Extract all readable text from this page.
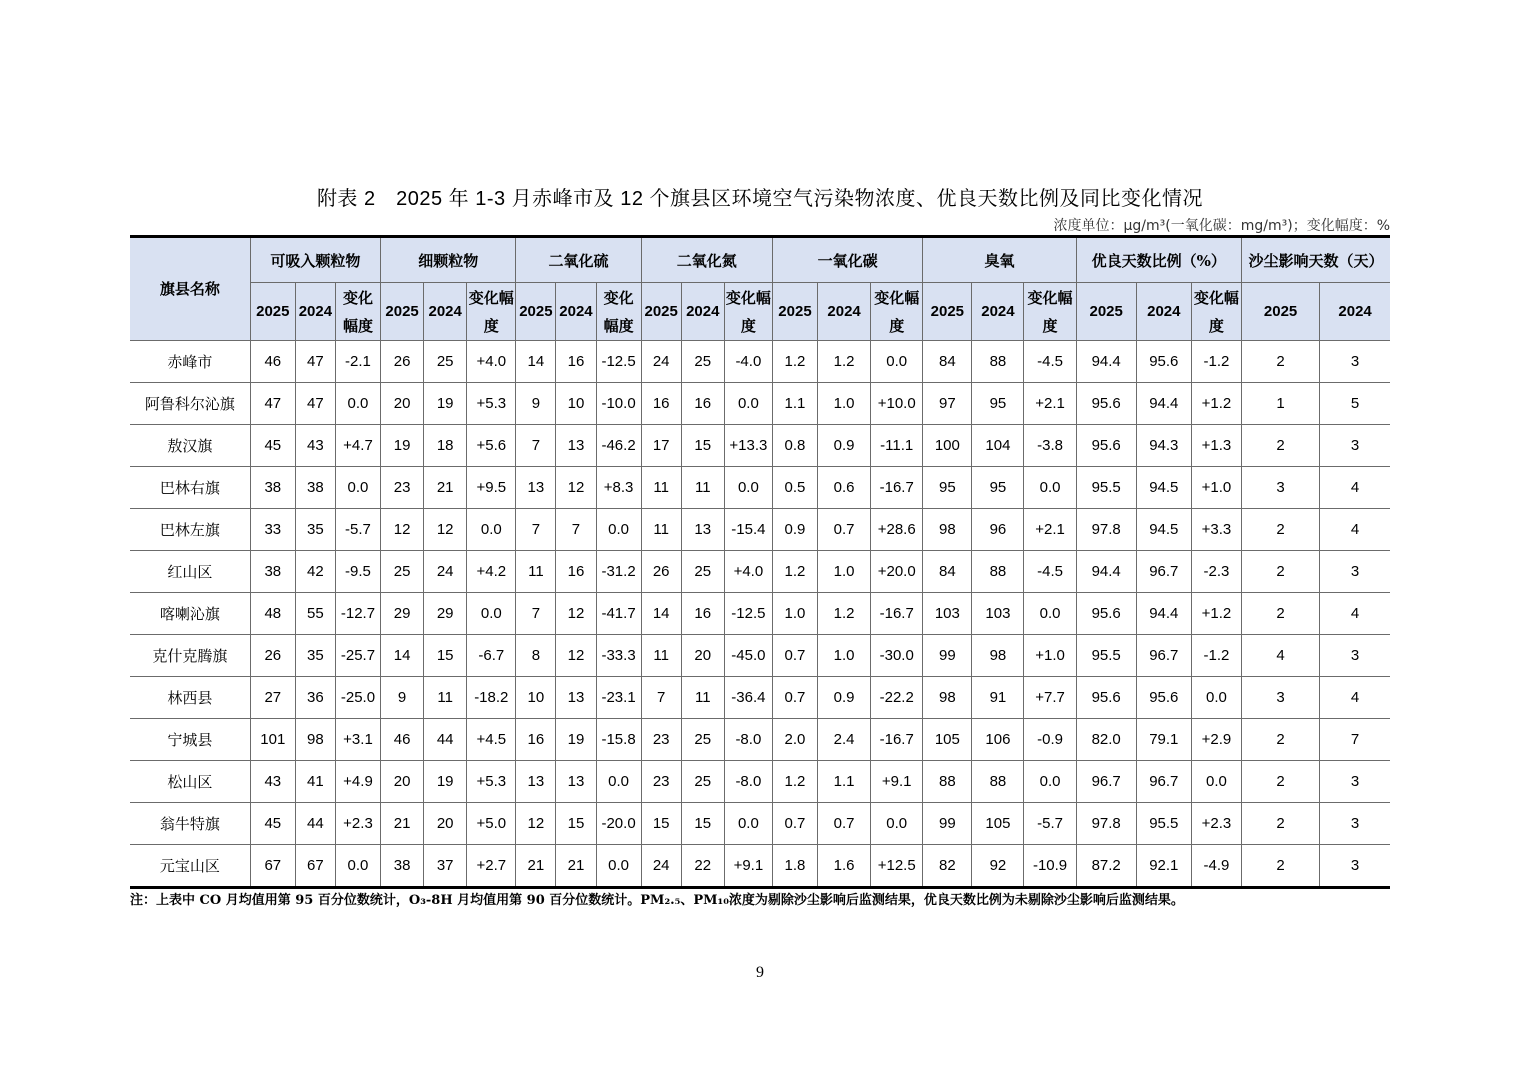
附表 2　2025 年 1-3 月赤峰市及 12 个旗县区环境空气污染物浓度、优良天数比例及同比变化情况
浓度单位：μg/m³(一氧化碳：mg/m³)；变化幅度：%
旗县名称	可吸入颗粒物			细颗粒物			二氧化硫			二氧化氮			一氧化碳			臭氧			优良天数比例（%）			沙尘影响天数（天）	
	2025	2024	变化幅度	2025	2024	变化幅度	2025	2024	变化幅度	2025	2024	变化幅度	2025	2024	变化幅度	2025	2024	变化幅度	2025	2024	变化幅度	2025	2024
赤峰市	46	47	-2.1	26	25	+4.0	14	16	-12.5	24	25	-4.0	1.2	1.2	0.0	84	88	-4.5	94.4	95.6	-1.2	2	3
阿鲁科尔沁旗	47	47	0.0	20	19	+5.3	9	10	-10.0	16	16	0.0	1.1	1.0	+10.0	97	95	+2.1	95.6	94.4	+1.2	1	5
敖汉旗	45	43	+4.7	19	18	+5.6	7	13	-46.2	17	15	+13.3	0.8	0.9	-11.1	100	104	-3.8	95.6	94.3	+1.3	2	3
巴林右旗	38	38	0.0	23	21	+9.5	13	12	+8.3	11	11	0.0	0.5	0.6	-16.7	95	95	0.0	95.5	94.5	+1.0	3	4
巴林左旗	33	35	-5.7	12	12	0.0	7	7	0.0	11	13	-15.4	0.9	0.7	+28.6	98	96	+2.1	97.8	94.5	+3.3	2	4
红山区	38	42	-9.5	25	24	+4.2	11	16	-31.2	26	25	+4.0	1.2	1.0	+20.0	84	88	-4.5	94.4	96.7	-2.3	2	3
喀喇沁旗	48	55	-12.7	29	29	0.0	7	12	-41.7	14	16	-12.5	1.0	1.2	-16.7	103	103	0.0	95.6	94.4	+1.2	2	4
克什克腾旗	26	35	-25.7	14	15	-6.7	8	12	-33.3	11	20	-45.0	0.7	1.0	-30.0	99	98	+1.0	95.5	96.7	-1.2	4	3
林西县	27	36	-25.0	9	11	-18.2	10	13	-23.1	7	11	-36.4	0.7	0.9	-22.2	98	91	+7.7	95.6	95.6	0.0	3	4
宁城县	101	98	+3.1	46	44	+4.5	16	19	-15.8	23	25	-8.0	2.0	2.4	-16.7	105	106	-0.9	82.0	79.1	+2.9	2	7
松山区	43	41	+4.9	20	19	+5.3	13	13	0.0	23	25	-8.0	1.2	1.1	+9.1	88	88	0.0	96.7	96.7	0.0	2	3
翁牛特旗	45	44	+2.3	21	20	+5.0	12	15	-20.0	15	15	0.0	0.7	0.7	0.0	99	105	-5.7	97.8	95.5	+2.3	2	3
元宝山区	67	67	0.0	38	37	+2.7	21	21	0.0	24	22	+9.1	1.8	1.6	+12.5	82	92	-10.9	87.2	92.1	-4.9	2	3
注：上表中 CO 月均值用第 95 百分位数统计，O₃-8H 月均值用第 90 百分位数统计。PM₂.₅、PM₁₀浓度为剔除沙尘影响后监测结果，优良天数比例为未剔除沙尘影响后监测结果。
9
